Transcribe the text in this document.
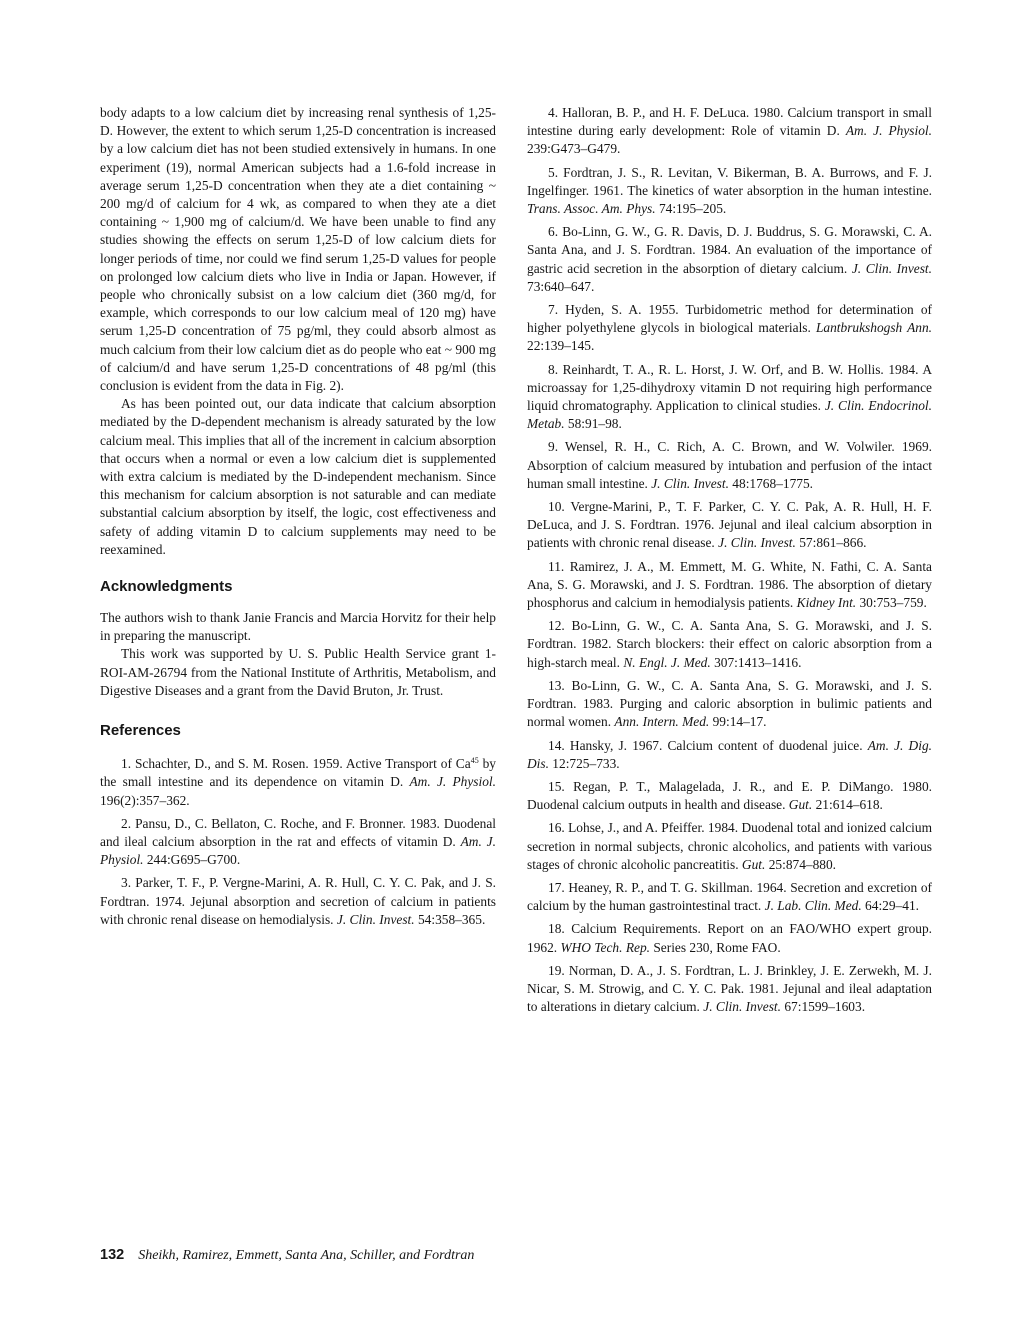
body adapts to a low calcium diet by increasing renal synthesis of 1,25-D. However, the extent to which serum 1,25-D concentration is increased by a low calcium diet has not been studied extensively in humans. In one experiment (19), normal American subjects had a 1.6-fold increase in average serum 1,25-D concentration when they ate a diet containing ~ 200 mg/d of calcium for 4 wk, as compared to when they ate a diet containing ~ 1,900 mg of calcium/d. We have been unable to find any studies showing the effects on serum 1,25-D of low calcium diets for longer periods of time, nor could we find serum 1,25-D values for people on prolonged low calcium diets who live in India or Japan. However, if people who chronically subsist on a low calcium diet (360 mg/d, for example, which corresponds to our low calcium meal of 120 mg) have serum 1,25-D concentration of 75 pg/ml, they could absorb almost as much calcium from their low calcium diet as do people who eat ~ 900 mg of calcium/d and have serum 1,25-D concentrations of 48 pg/ml (this conclusion is evident from the data in Fig. 2).

As has been pointed out, our data indicate that calcium absorption mediated by the D-dependent mechanism is already saturated by the low calcium meal. This implies that all of the increment in calcium absorption that occurs when a normal or even a low calcium diet is supplemented with extra calcium is mediated by the D-independent mechanism. Since this mechanism for calcium absorption is not saturable and can mediate substantial calcium absorption by itself, the logic, cost effectiveness and safety of adding vitamin D to calcium supplements may need to be reexamined.

Acknowledgments

The authors wish to thank Janie Francis and Marcia Horvitz for their help in preparing the manuscript.

This work was supported by U. S. Public Health Service grant 1-ROI-AM-26794 from the National Institute of Arthritis, Metabolism, and Digestive Diseases and a grant from the David Bruton, Jr. Trust.

References

1. Schachter, D., and S. M. Rosen. 1959. Active Transport of Ca$^{45}$ by the small intestine and its dependence on vitamin D. Am. J. Physiol. 196(2):357–362.

2. Pansu, D., C. Bellaton, C. Roche, and F. Bronner. 1983. Duodenal and ileal calcium absorption in the rat and effects of vitamin D. Am. J. Physiol. 244:G695–G700.

3. Parker, T. F., P. Vergne-Marini, A. R. Hull, C. Y. C. Pak, and J. S. Fordtran. 1974. Jejunal absorption and secretion of calcium in patients with chronic renal disease on hemodialysis. J. Clin. Invest. 54:358–365.

4. Halloran, B. P., and H. F. DeLuca. 1980. Calcium transport in small intestine during early development: Role of vitamin D. Am. J. Physiol. 239:G473–G479.

5. Fordtran, J. S., R. Levitan, V. Bikerman, B. A. Burrows, and F. J. Ingelfinger. 1961. The kinetics of water absorption in the human intestine. Trans. Assoc. Am. Phys. 74:195–205.

6. Bo-Linn, G. W., G. R. Davis, D. J. Buddrus, S. G. Morawski, C. A. Santa Ana, and J. S. Fordtran. 1984. An evaluation of the importance of gastric acid secretion in the absorption of dietary calcium. J. Clin. Invest. 73:640–647.

7. Hyden, S. A. 1955. Turbidometric method for determination of higher polyethylene glycols in biological materials. Lantbrukshogsh Ann. 22:139–145.

8. Reinhardt, T. A., R. L. Horst, J. W. Orf, and B. W. Hollis. 1984. A microassay for 1,25-dihydroxy vitamin D not requiring high performance liquid chromatography. Application to clinical studies. J. Clin. Endocrinol. Metab. 58:91–98.

9. Wensel, R. H., C. Rich, A. C. Brown, and W. Volwiler. 1969. Absorption of calcium measured by intubation and perfusion of the intact human small intestine. J. Clin. Invest. 48:1768–1775.

10. Vergne-Marini, P., T. F. Parker, C. Y. C. Pak, A. R. Hull, H. F. DeLuca, and J. S. Fordtran. 1976. Jejunal and ileal calcium absorption in patients with chronic renal disease. J. Clin. Invest. 57:861–866.

11. Ramirez, J. A., M. Emmett, M. G. White, N. Fathi, C. A. Santa Ana, S. G. Morawski, and J. S. Fordtran. 1986. The absorption of dietary phosphorus and calcium in hemodialysis patients. Kidney Int. 30:753–759.

12. Bo-Linn, G. W., C. A. Santa Ana, S. G. Morawski, and J. S. Fordtran. 1982. Starch blockers: their effect on caloric absorption from a high-starch meal. N. Engl. J. Med. 307:1413–1416.

13. Bo-Linn, G. W., C. A. Santa Ana, S. G. Morawski, and J. S. Fordtran. 1983. Purging and caloric absorption in bulimic patients and normal women. Ann. Intern. Med. 99:14–17.

14. Hansky, J. 1967. Calcium content of duodenal juice. Am. J. Dig. Dis. 12:725–733.

15. Regan, P. T., Malagelada, J. R., and E. P. DiMango. 1980. Duodenal calcium outputs in health and disease. Gut. 21:614–618.

16. Lohse, J., and A. Pfeiffer. 1984. Duodenal total and ionized calcium secretion in normal subjects, chronic alcoholics, and patients with various stages of chronic alcoholic pancreatitis. Gut. 25:874–880.

17. Heaney, R. P., and T. G. Skillman. 1964. Secretion and excretion of calcium by the human gastrointestinal tract. J. Lab. Clin. Med. 64:29–41.

18. Calcium Requirements. Report on an FAO/WHO expert group. 1962. WHO Tech. Rep. Series 230, Rome FAO.

19. Norman, D. A., J. S. Fordtran, L. J. Brinkley, J. E. Zerwekh, M. J. Nicar, S. M. Strowig, and C. Y. C. Pak. 1981. Jejunal and ileal adaptation to alterations in dietary calcium. J. Clin. Invest. 67:1599–1603.

132 Sheikh, Ramirez, Emmett, Santa Ana, Schiller, and Fordtran
